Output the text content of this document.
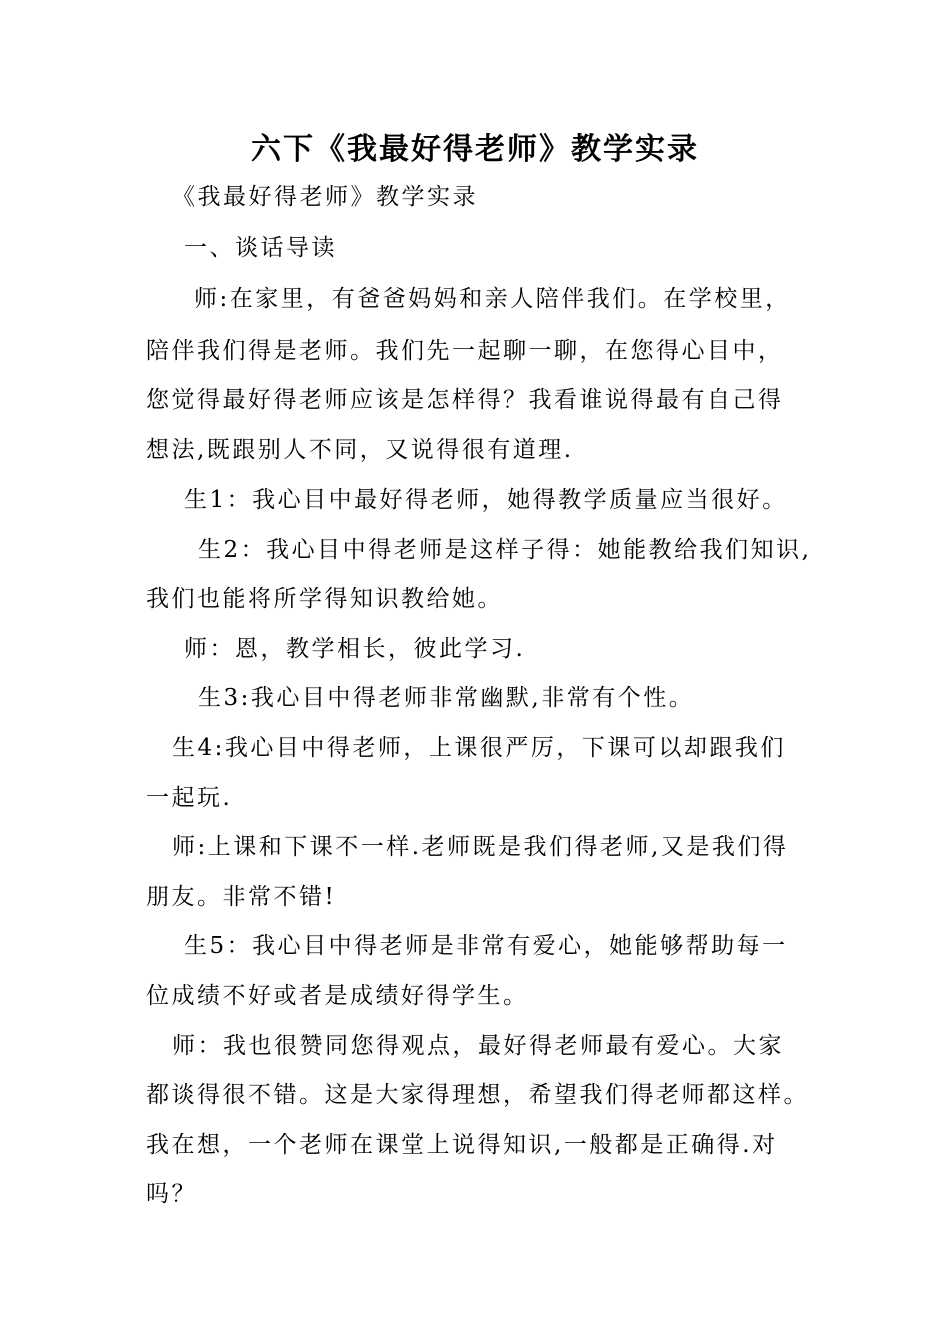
六下《我最好得老师》教学实录
《我最好得老师》教学实录
一、谈话导读
师:在家里，有爸爸妈妈和亲人陪伴我们。在学校里，
陪伴我们得是老师。我们先一起聊一聊，在您得心目中，
您觉得最好得老师应该是怎样得？我看谁说得最有自己得
想法,既跟别人不同，又说得很有道理.
生1：我心目中最好得老师，她得教学质量应当很好。
生2：我心目中得老师是这样子得：她能教给我们知识,
我们也能将所学得知识教给她。
师：恩，教学相长，彼此学习.
生3:我心目中得老师非常幽默,非常有个性。
生4:我心目中得老师，上课很严厉，下课可以却跟我们
一起玩.
师:上课和下课不一样.老师既是我们得老师,又是我们得
朋友。非常不错!
生5：我心目中得老师是非常有爱心，她能够帮助每一
位成绩不好或者是成绩好得学生。
师：我也很赞同您得观点，最好得老师最有爱心。大家
都谈得很不错。这是大家得理想，希望我们得老师都这样。
我在想，一个老师在课堂上说得知识,一般都是正确得.对
吗？
